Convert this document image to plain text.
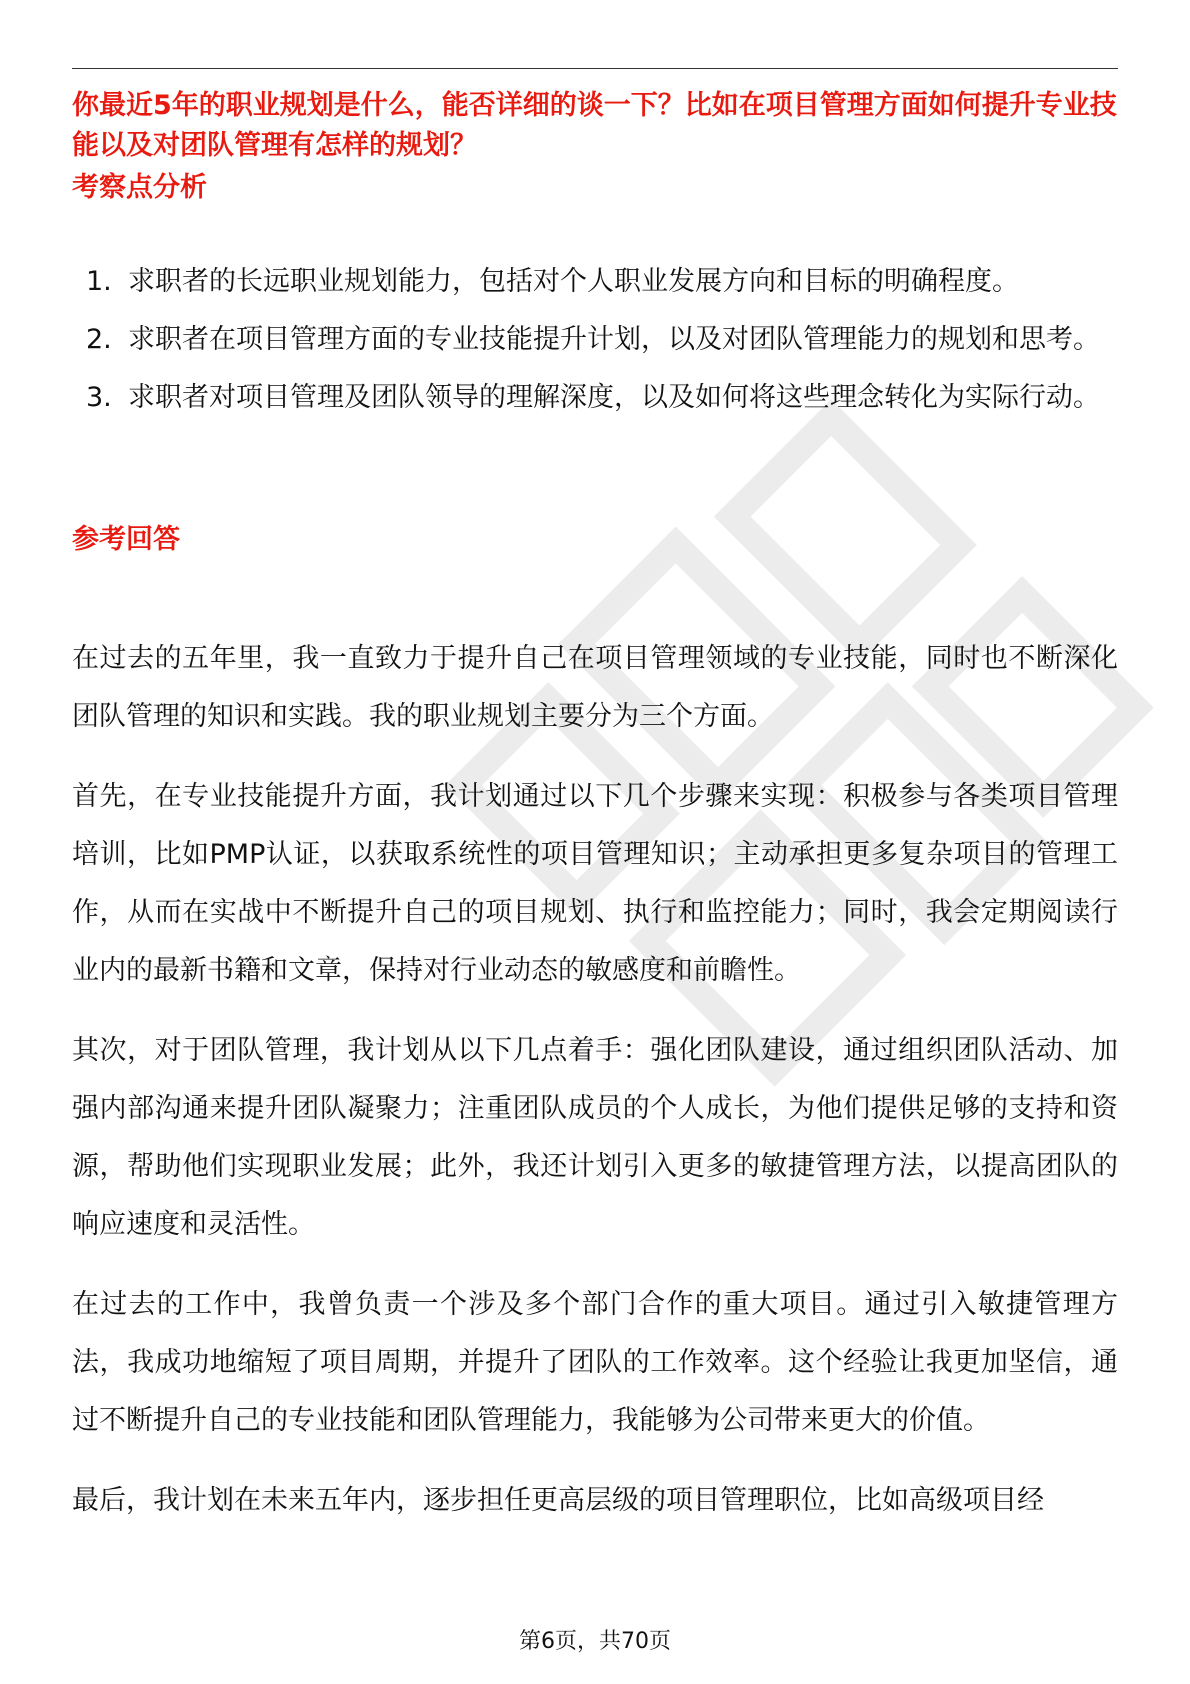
你最近5年的职业规划是什么，能否详细的谈一下？比如在项目管理方面如何提升专业技能以及对团队管理有怎样的规划？
考察点分析
1. 求职者的长远职业规划能力，包括对个人职业发展方向和目标的明确程度。
2. 求职者在项目管理方面的专业技能提升计划，以及对团队管理能力的规划和思考。
3. 求职者对项目管理及团队领导的理解深度，以及如何将这些理念转化为实际行动。
参考回答

在过去的五年里，我一直致力于提升自己在项目管理领域的专业技能，同时也不断深化团队管理的知识和实践。我的职业规划主要分为三个方面。

首先，在专业技能提升方面，我计划通过以下几个步骤来实现：积极参与各类项目管理培训，比如PMP认证，以获取系统性的项目管理知识；主动承担更多复杂项目的管理工作，从而在实战中不断提升自己的项目规划、执行和监控能力；同时，我会定期阅读行业内的最新书籍和文章，保持对行业动态的敏感度和前瞻性。

其次，对于团队管理，我计划从以下几点着手：强化团队建设，通过组织团队活动、加强内部沟通来提升团队凝聚力；注重团队成员的个人成长，为他们提供足够的支持和资源，帮助他们实现职业发展；此外，我还计划引入更多的敏捷管理方法，以提高团队的响应速度和灵活性。

在过去的工作中，我曾负责一个涉及多个部门合作的重大项目。通过引入敏捷管理方法，我成功地缩短了项目周期，并提升了团队的工作效率。这个经验让我更加坚信，通过不断提升自己的专业技能和团队管理能力，我能够为公司带来更大的价值。

最后，我计划在未来五年内，逐步担任更高层级的项目管理职位，比如高级项目经

第6页，共70页
